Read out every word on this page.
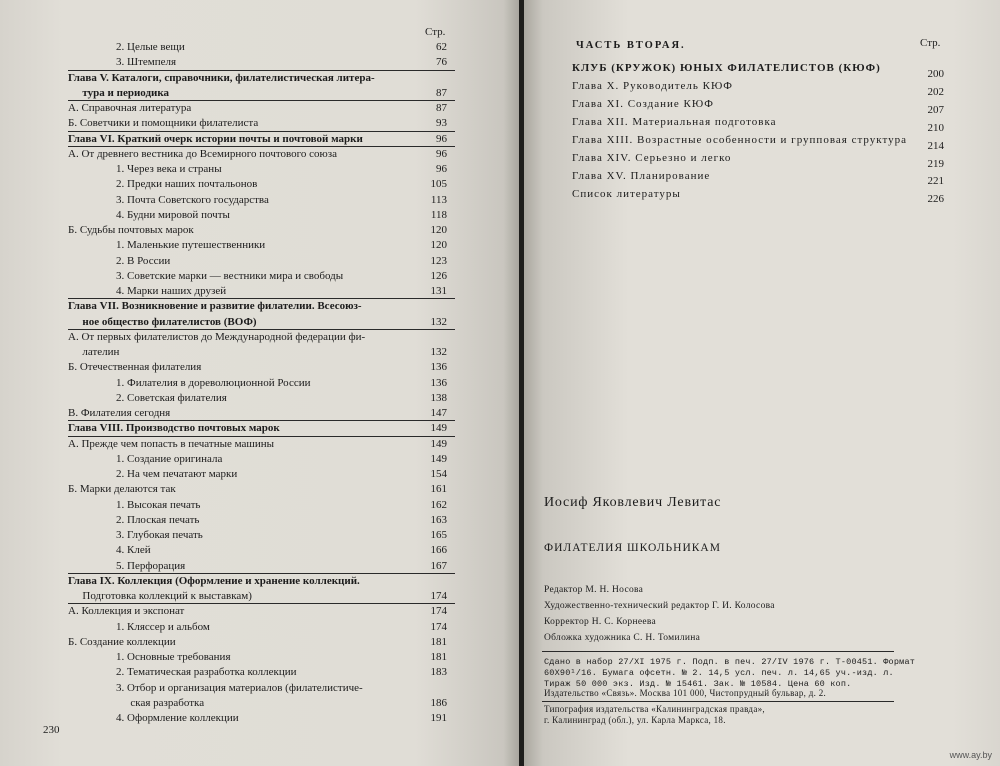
Стр.
2. Целые вещи	62
3. Штемпеля	76
Глава V. Каталоги, справочники, филателистическая литера-
тура и периодика	87
А. Справочная литература	87
Б. Советчики и помощники филателиста	93
Глава VI. Краткий очерк истории почты и почтовой марки	96
А. От древнего вестника до Всемирного почтового союза	96
1. Через века и страны	96
2. Предки наших почтальонов	105
3. Почта Советского государства	113
4. Будни мировой почты	118
Б. Судьбы почтовых марок	120
1. Маленькие путешественники	120
2. В России	123
3. Советские марки — вестники мира и свободы	126
4. Марки наших друзей	131
Глава VII. Возникновение и развитие филателии. Всесоюз-
ное общество филателистов (ВОФ)	132
А. От первых филателистов до Международной федерации фи-
лателин	132
Б. Отечественная филателия	136
1. Филателия в дореволюционной России	136
2. Советская филателия	138
В. Филателия сегодня	147
Глава VIII. Производство почтовых марок	149
А. Прежде чем попасть в печатные машины	149
1. Создание оригинала	149
2. На чем печатают марки	154
Б. Марки делаются так	161
1. Высокая печать	162
2. Плоская печать	163
3. Глубокая печать	165
4. Клей	166
5. Перфорация	167
Глава IX. Коллекция (Оформление и хранение коллекций.
Подготовка коллекций к выставкам)	174
А. Коллекция и экспонат	174
1. Кляссер и альбом	174
Б. Создание коллекции	181
1. Основные требования	181
2. Тематическая разработка коллекции	183
3. Отбор и организация материалов (филателистиче-
ская разработка	186
4. Оформление коллекции	191
230
ЧАСТЬ ВТОРАЯ.	Стр.
КЛУБ (КРУЖОК) ЮНЫХ ФИЛАТЕЛИСТОВ (КЮФ)	200
Глава X. Руководитель КЮФ	202
Глава XI. Создание КЮФ	207
Глава XII. Материальная подготовка	210
Глава XIII. Возрастные особенности и групповая структура	214
Глава XIV. Серьезно и легко	219
Глава XV. Планирование	221
Список литературы	226
Иосиф Яковлевич Левитас
ФИЛАТЕЛИЯ ШКОЛЬНИКАМ
Редактор М. Н. Носова
Художественно-технический редактор Г. И. Колосова
Корректор Н. С. Корнеева
Обложка художника С. Н. Томилина
Сдано в набор 27/XI 1975 г. Подп. в печ. 27/IV 1976 г. Т-00451. Формат
60X90¹/16. Бумага офсетн. № 2. 14,5 усл. печ. л. 14,65 уч.-изд. л.
Тираж 50 000 экз. Изд. № 15461. Зак. № 10584. Цена 60 коп.
Издательство «Связь». Москва 101 000, Чистопрудный бульвар, д. 2.
Типография издательства «Калининградская правда»,
г. Калининград (обл.), ул. Карла Маркса, 18.
www.ay.by
